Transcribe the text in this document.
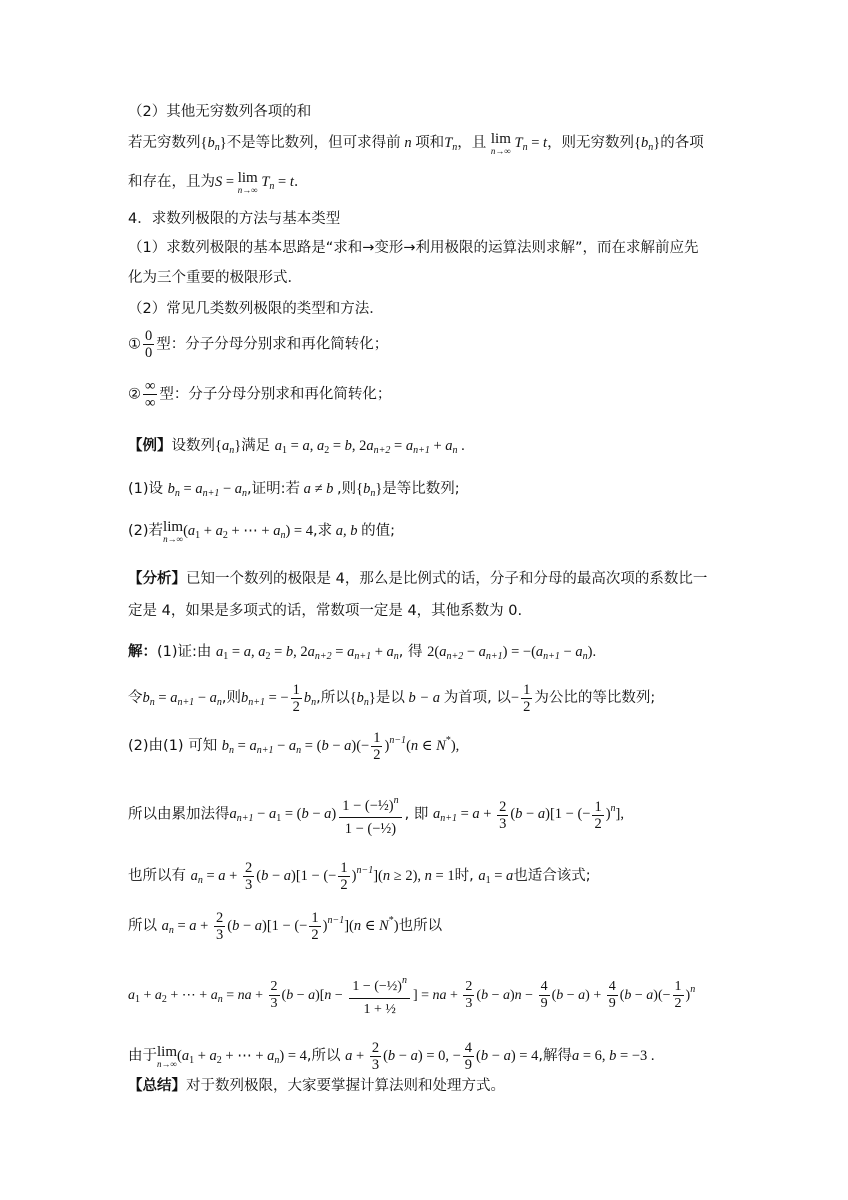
（2）其他无穷数列各项的和
若无穷数列$\{b_n\}$不是等比数列，但可求得前 n 项和$T_n$，且 lim
n→∞
$T_n = t$，则无穷数列$\{b_n\}$的各项
和存在，且为S = lim
n→∞
$T_n = t$．
4．求数列极限的方法与基本类型
（1）求数列极限的基本思路是“求和→变形→利用极限的运算法则求解”，而在求解前应先
化为三个重要的极限形式．
（2）常见几类数列极限的类型和方法．
① $\frac{0}{0}$ 型：分子分母分别求和再化简转化；
② $\frac{\infty}{\infty}$ 型：分子分母分别求和再化简转化；
【例】设数列$\{a_n\}$满足 $a_1 = a$, $a_2 = b$, $2a_{n+2} = a_{n+1} + a_n$ .
(1)设 $b_n = a_{n+1} - a_n$,证明:若 a ≠ b ,则$\{b_n\}$是等比数列;
(2)若 lim
n→∞
($a_1 + a_2$ + ⋯ + $a_n) = 4$,求 a, b 的值;
【分析】已知一个数列的极限是 4，那么是比例式的话，分子和分母的最高次项的系数比一
定是 4，如果是多项式的话，常数项一定是 4，其他系数为 0.
解：(1)证:由 $a_1 = a$, $a_2 = b$, $2a_{n+2} = a_{n+1} + a_n$, 得 $2(a_{n+2} - a_{n+1}) = -(a_{n+1} - a_n)$.
令$b_n = a_{n+1} - a_n$,则$b_{n+1}$ = − $\frac{1}{2} b_n$,所以$\{b_n\}$是以 b − a 为首项, 以− $\frac{1}{2}$ 为公比的等比数列;
(2)由(1) 可知 $b_n = a_{n+1} - a_n = (b - a)(- \frac{1}{2} )^{n-1}(n$ ∈ N*),
所以由累加法得$a_{n+1} - a_1 = (b - a) \frac{1 - (-\frac{1}{2})^n}{\text{1 − (−½)}}$ , 即 $a_{n+1} = a + \frac{2}{3} (b - a)[1$ − (− $\frac{1}{2} )^n$],
也所以有 $a_n = a + \frac{2}{3} (b - a)[1$ − (− $\frac{1}{2} )^{n-1}](n \ge 2)$, n = 1时, $a_1 = a$也适合该式;
所以 $a_n = a + \frac{2}{3} (b - a)[1$ − (− $\frac{1}{2} )^{n-1}](n$ ∈ N*)也所以
$a_1 + a_2$ + ⋯ + $a_n$ = na + $\frac{2}{3} (b - a)[n - \frac{1 - (-\frac{1}{2})^n}{\text{1 + ½}}$ ] = na + $\frac{2}{3} (b - a)n - \frac{4}{9} (b - a) + \frac{4}{9} (b - a)(- \frac{1}{2} )^n$
由于 lim
n→∞
($a_1 + a_2$ + ⋯ + $a_n) = 4$,所以 $a + \frac{2}{3} (b - a) = 0$, − $\frac{4}{9} (b - a) = 4$,解得a = 6, b = −3 .
【总结】对于数列极限，大家要掌握计算法则和处理方式。
